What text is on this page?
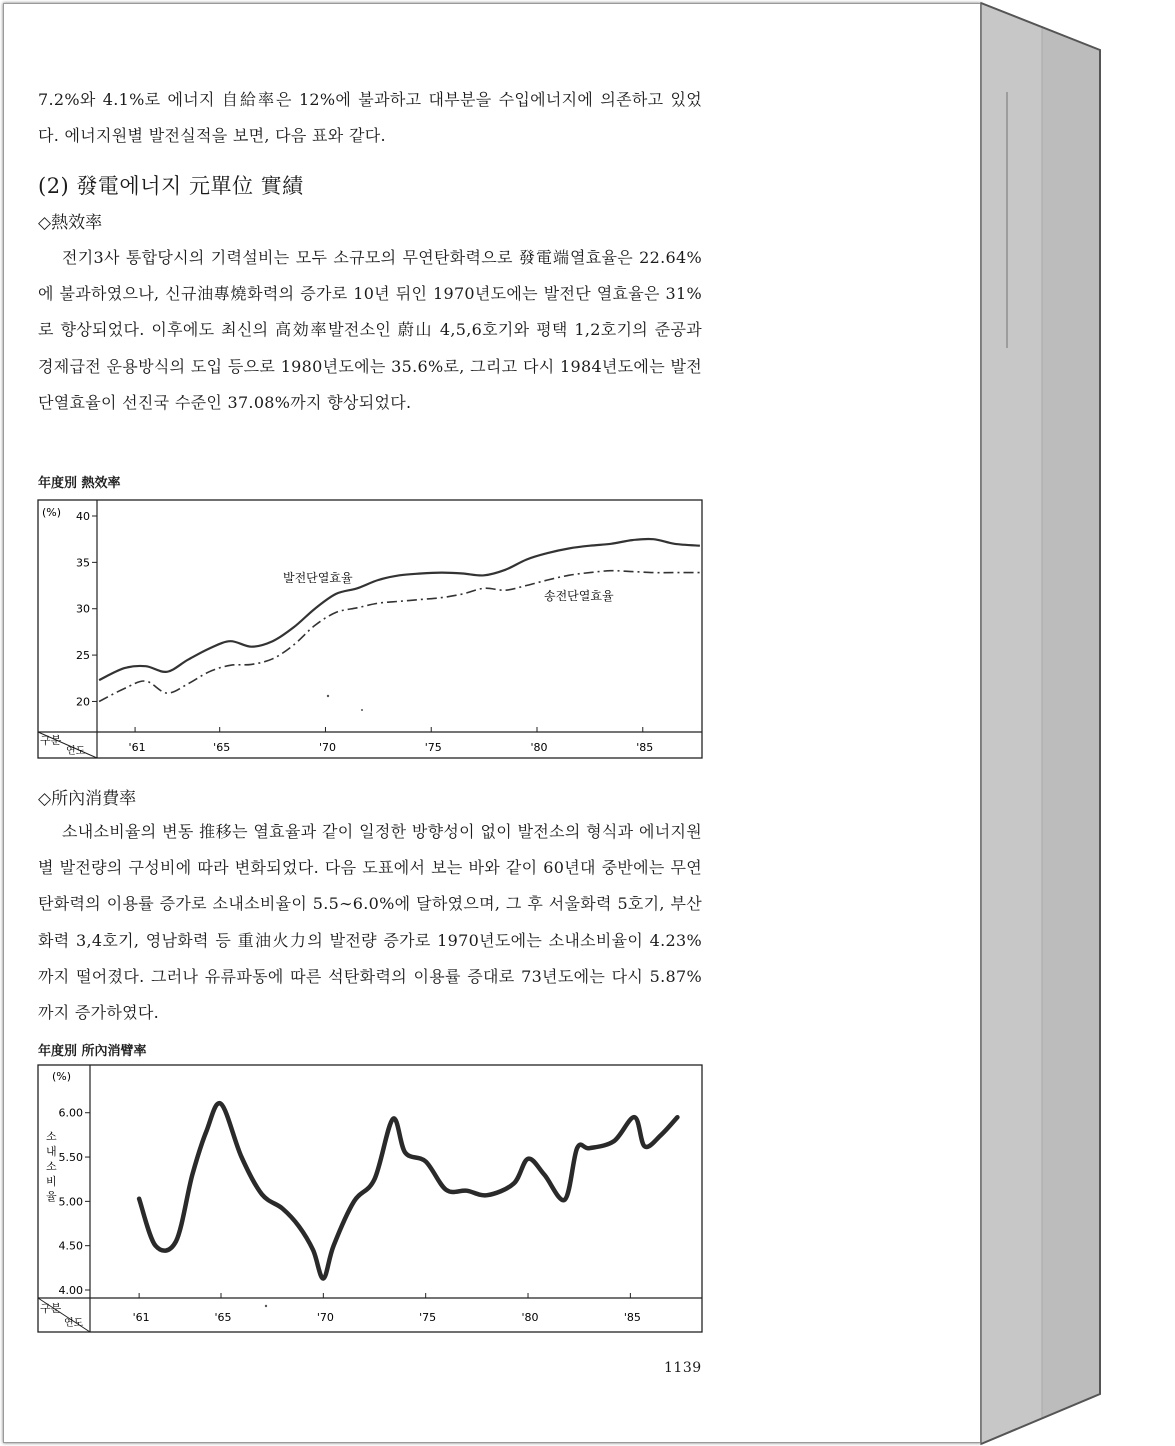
7.2%와 4.1%로 에너지 自給率은 12%에 불과하고 대부분을 수입에너지에 의존하고 있었다. 에너지원별 발전실적을 보면, 다음 표와 같다.

(2) 發電에너지 元單位 實績

◇熱效率

전기3사 통합당시의 기력설비는 모두 소규모의 무연탄화력으로 發電端열효율은 22.64%에 불과하였으나, 신규油專燒화력의 증가로 10년 뒤인 1970년도에는 발전단 열효율은 31%로 향상되었다. 이후에도 최신의 高効率발전소인 蔚山 4,5,6호기와 평택 1,2호기의 준공과 경제급전 운용방식의 도입 등으로 1980년도에는 35.6%로, 그리고 다시 1984년도에는 발전단열효율이 선진국 수준인 37.08%까지 향상되었다.

年度別 熱效率

(%)
구분
연도
40
35
30
25
20
'61	'65	'70	'75	'80	'85
발전단열효율
송전단열효율

◇所內消費率

소내소비율의 변동 推移는 열효율과 같이 일정한 방향성이 없이 발전소의 형식과 에너지원별 발전량의 구성비에 따라 변화되었다. 다음 도표에서 보는 바와 같이 60년대 중반에는 무연탄화력의 이용률 증가로 소내소비율이 5.5∼6.0%에 달하였으며, 그 후 서울화력 5호기, 부산화력 3,4호기, 영남화력 등 重油火力의 발전량 증가로 1970년도에는 소내소비율이 4.23%까지 떨어졌다. 그러나 유류파동에 따른 석탄화력의 이용률 증대로 73년도에는 다시 5.87%까지 증가하였다.

年度別 所內消臂率

(%)
구분
연도
소 내 소 비 율
6.00
5.50
5.00
4.50
4.00
'61	'65	'70	'75	'80	'85
1139
